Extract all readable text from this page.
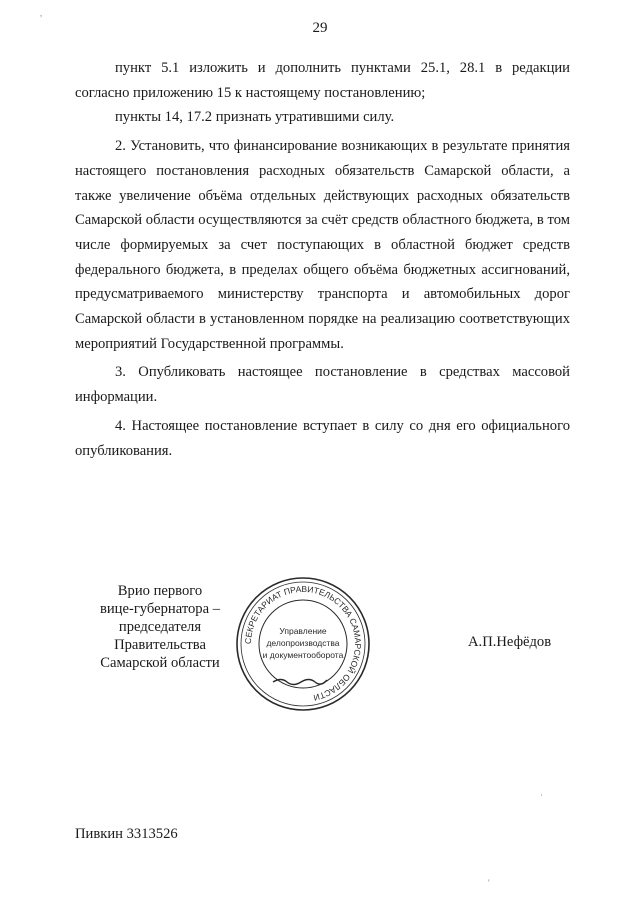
29

пункт 5.1 изложить и дополнить пунктами 25.1, 28.1 в редакции согласно приложению 15 к настоящему постановлению;

пункты 14, 17.2 признать утратившими силу.

2. Установить, что финансирование возникающих в результате принятия настоящего постановления расходных обязательств Самарской области, а также увеличение объёма отдельных действующих расходных обязательств Самарской области осуществляются за счёт средств областного бюджета, в том числе формируемых за счет поступающих в областной бюджет средств федерального бюджета, в пределах общего объёма бюджетных ассигнований, предусматриваемого министерству транспорта и автомобильных дорог Самарской области в установленном порядке на реализацию соответствующих мероприятий Государственной программы.

3. Опубликовать настоящее постановление в средствах массовой информации.

4. Настоящее постановление вступает в силу со дня его официального опубликования.

Врио первого
вице-губернатора –
председателя Правительства
Самарской области
СЕКРЕТАРИАТ ПРАВИТЕЛЬСТВА САМАРСКОЙ ОБЛАСТИ
Управление
делопроизводства
и документооборота
А.П.Нефёдов
Пивкин 3313526
,
·
'
